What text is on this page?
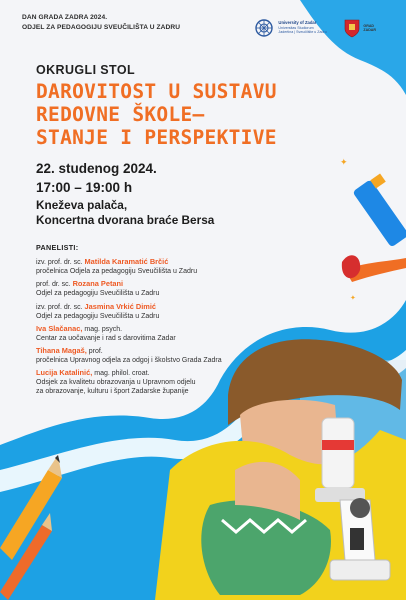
✦
✦
DAN GRADA ZADRA 2024.
ODJEL ZA PEDAGOGIJU SVEUČILIŠTA U ZADRU
University of Zadar
Universitas Studiorum
Jadertina | Sveučilište u Zadru
GRAD
ZADAR
OKRUGLI STOL
DAROVITOST U SUSTAVU
REDOVNE ŠKOLE–
STANJE I PERSPEKTIVE
22. studenog 2024.
17:00 – 19:00 h
Kneževa palača,
Koncertna dvorana braće Bersa
PANELISTI:
izv. prof. dr. sc. Matilda Karamatić Brčić
pročelnica Odjela za pedagogiju Sveučilišta u Zadru
prof. dr. sc. Rozana Petani
Odjel za pedagogiju Sveučilišta u Zadru
izv. prof. dr. sc. Jasmina Vrkić Dimić
Odjel za pedagogiju Sveučilišta u Zadru
Iva Slačanac, mag. psych.
Centar za uočavanje i rad s darovitima Zadar
Tihana Magaš, prof.
pročelnica Upravnog odjela za odgoj i školstvo Grada Zadra
Lucija Katalinić, mag. philol. croat.
Odsjek za kvalitetu obrazovanja u Upravnom odjelu
za obrazovanje, kulturu i šport Zadarske županije
